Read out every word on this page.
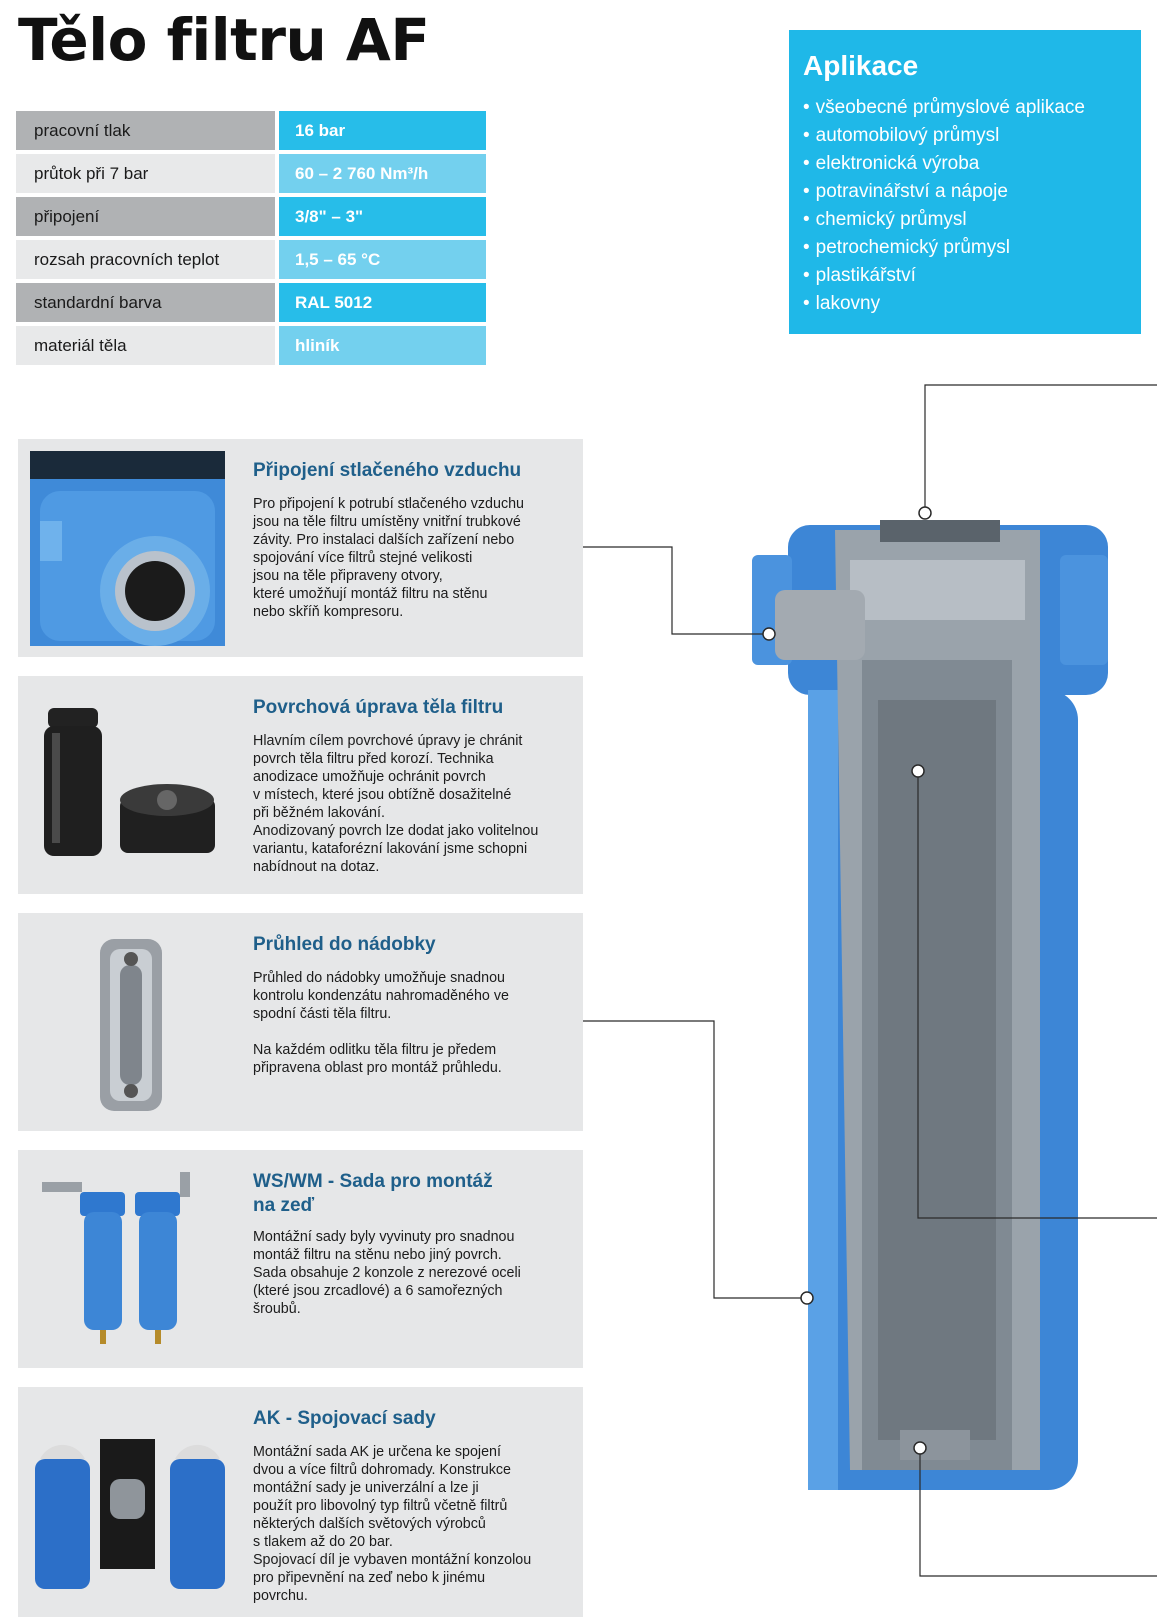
Tělo filtru AF
pracovní tlak	16 bar
průtok při 7 bar	60 – 2 760 Nm³/h
připojení	3/8" – 3"
rozsah pracovních teplot	1,5 – 65 °C
standardní barva	RAL 5012
materiál těla	hliník
Aplikace
• všeobecné průmyslové aplikace
• automobilový průmysl
• elektronická výroba
• potravinářství a nápoje
• chemický průmysl
• petrochemický průmysl
• plastikářství
• lakovny
Připojení stlačeného vzduchu

Pro připojení k potrubí stlačeného vzduchu
jsou na těle filtru umístěny vnitřní trubkové
závity. Pro instalaci dalších zařízení nebo
spojování více filtrů stejné velikosti
jsou na těle připraveny otvory,
které umožňují montáž filtru na stěnu
nebo skříň kompresoru.

Povrchová úprava těla filtru

Hlavním cílem povrchové úpravy je chránit
povrch těla filtru před korozí. Technika
anodizace umožňuje ochránit povrch
v místech, které jsou obtížně dosažitelné
při běžném lakování.
Anodizovaný povrch lze dodat jako volitelnou
variantu, kataforézní lakování jsme schopni
nabídnout na dotaz.

Průhled do nádobky

Průhled do nádobky umožňuje snadnou
kontrolu kondenzátu nahromaděného ve
spodní části těla filtru.

Na každém odlitku těla filtru je předem
připravena oblast pro montáž průhledu.

WS/WM - Sada pro montáž
na zeď

Montážní sady byly vyvinuty pro snadnou
montáž filtru na stěnu nebo jiný povrch.
Sada obsahuje 2 konzole z nerezové oceli
(které jsou zrcadlové) a 6 samořezných
šroubů.

AK - Spojovací sady

Montážní sada AK je určena ke spojení
dvou a více filtrů dohromady. Konstrukce
montážní sady je univerzální a lze ji
použít pro libovolný typ filtrů včetně filtrů
některých dalších světových výrobců
s tlakem až do 20 bar.
Spojovací díl je vybaven montážní konzolou
pro připevnění na zeď nebo k jinému
povrchu.
